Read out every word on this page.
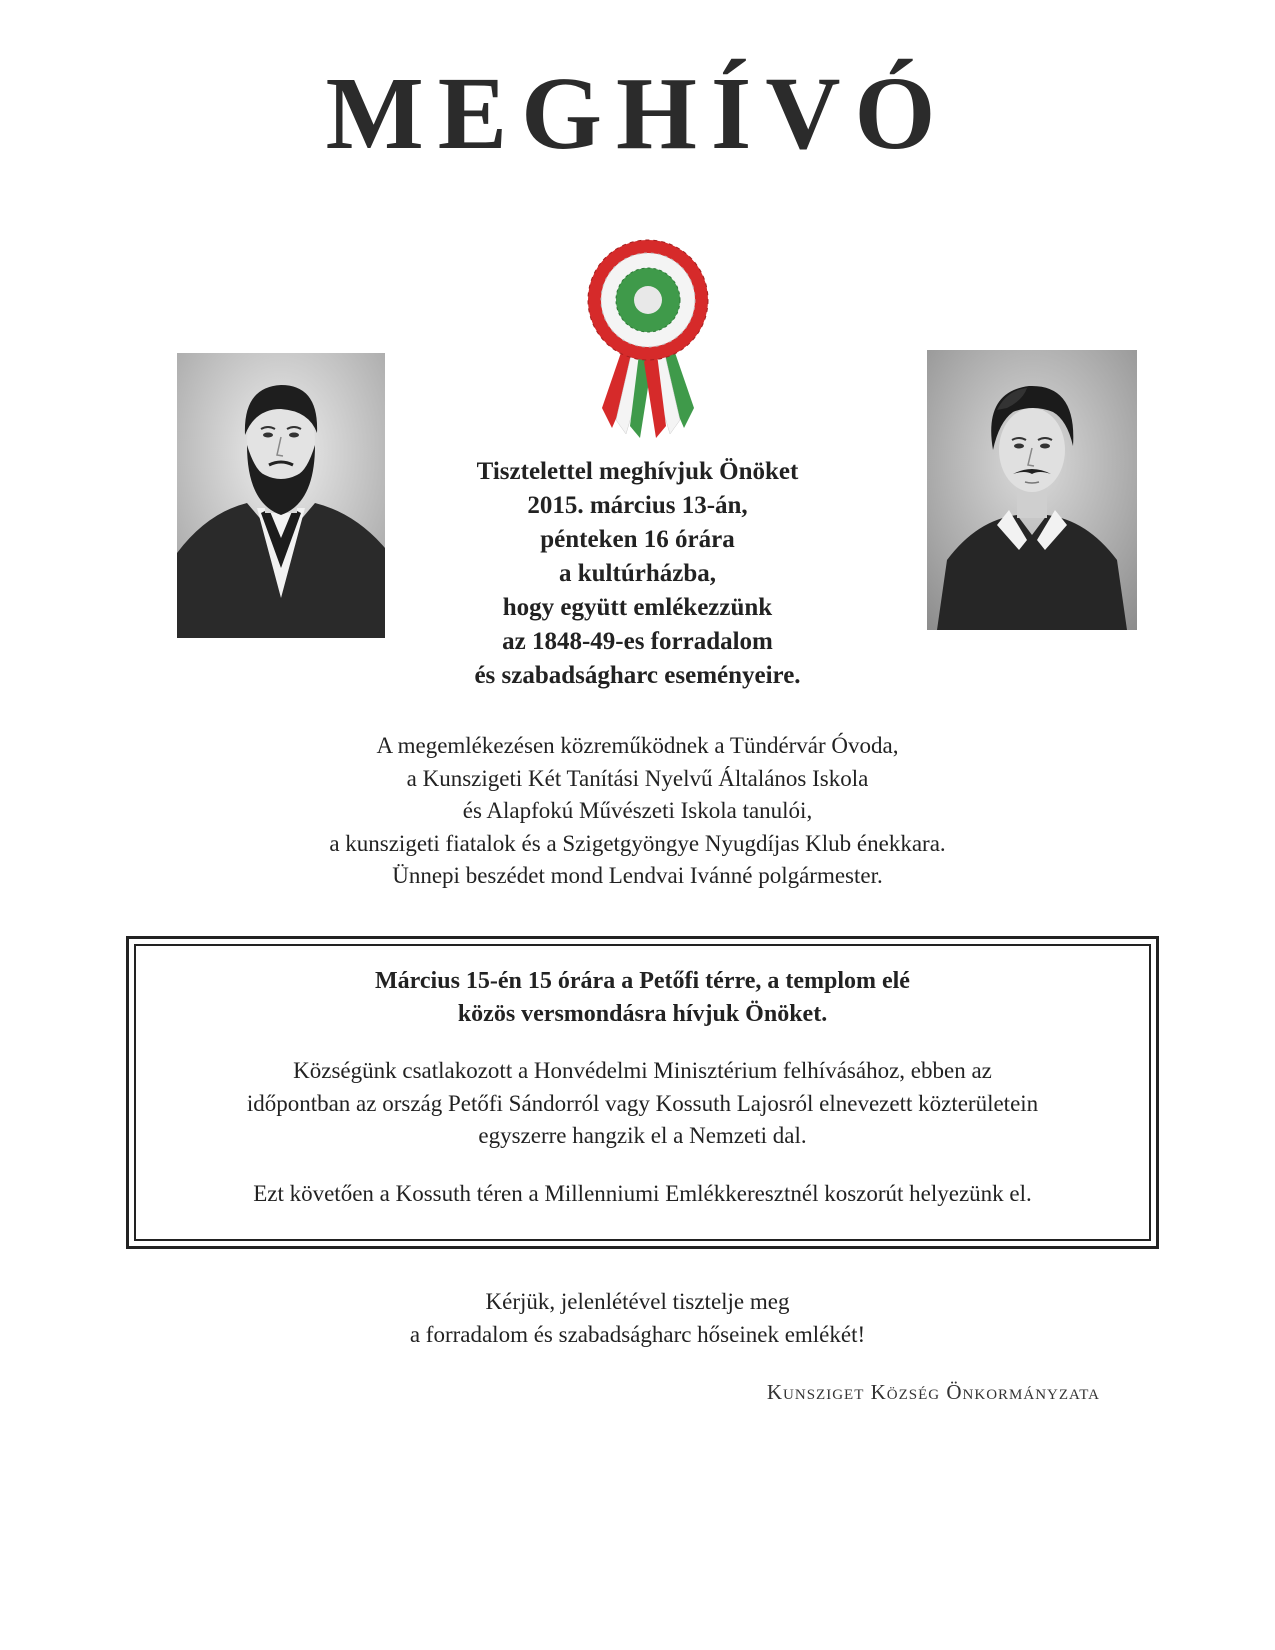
MEGHÍVÓ
Tisztelettel meghívjuk Önöket
2015. március 13-án,
pénteken 16 órára
a kultúrházba,
hogy együtt emlékezzünk
az 1848-49-es forradalom
és szabadságharc eseményeire.
A megemlékezésen közreműködnek a Tündérvár Óvoda,
a Kunszigeti Két Tanítási Nyelvű Általános Iskola
és Alapfokú Művészeti Iskola tanulói,
a kunszigeti fiatalok és a Szigetgyöngye Nyugdíjas Klub énekkara.
Ünnepi beszédet mond Lendvai Ivánné polgármester.
Március 15-én 15 órára a Petőfi térre, a templom elé
közös versmondásra hívjuk Önöket.
Községünk csatlakozott a Honvédelmi Minisztérium felhívásához, ebben az
időpontban az ország Petőfi Sándorról vagy Kossuth Lajosról elnevezett közterületein
egyszerre hangzik el a Nemzeti dal.
Ezt követően a Kossuth téren a Millenniumi Emlékkeresztnél koszorút helyezünk el.
Kérjük, jelenlétével tisztelje meg
a forradalom és szabadságharc hőseinek emlékét!
Kunsziget Község Önkormányzata
